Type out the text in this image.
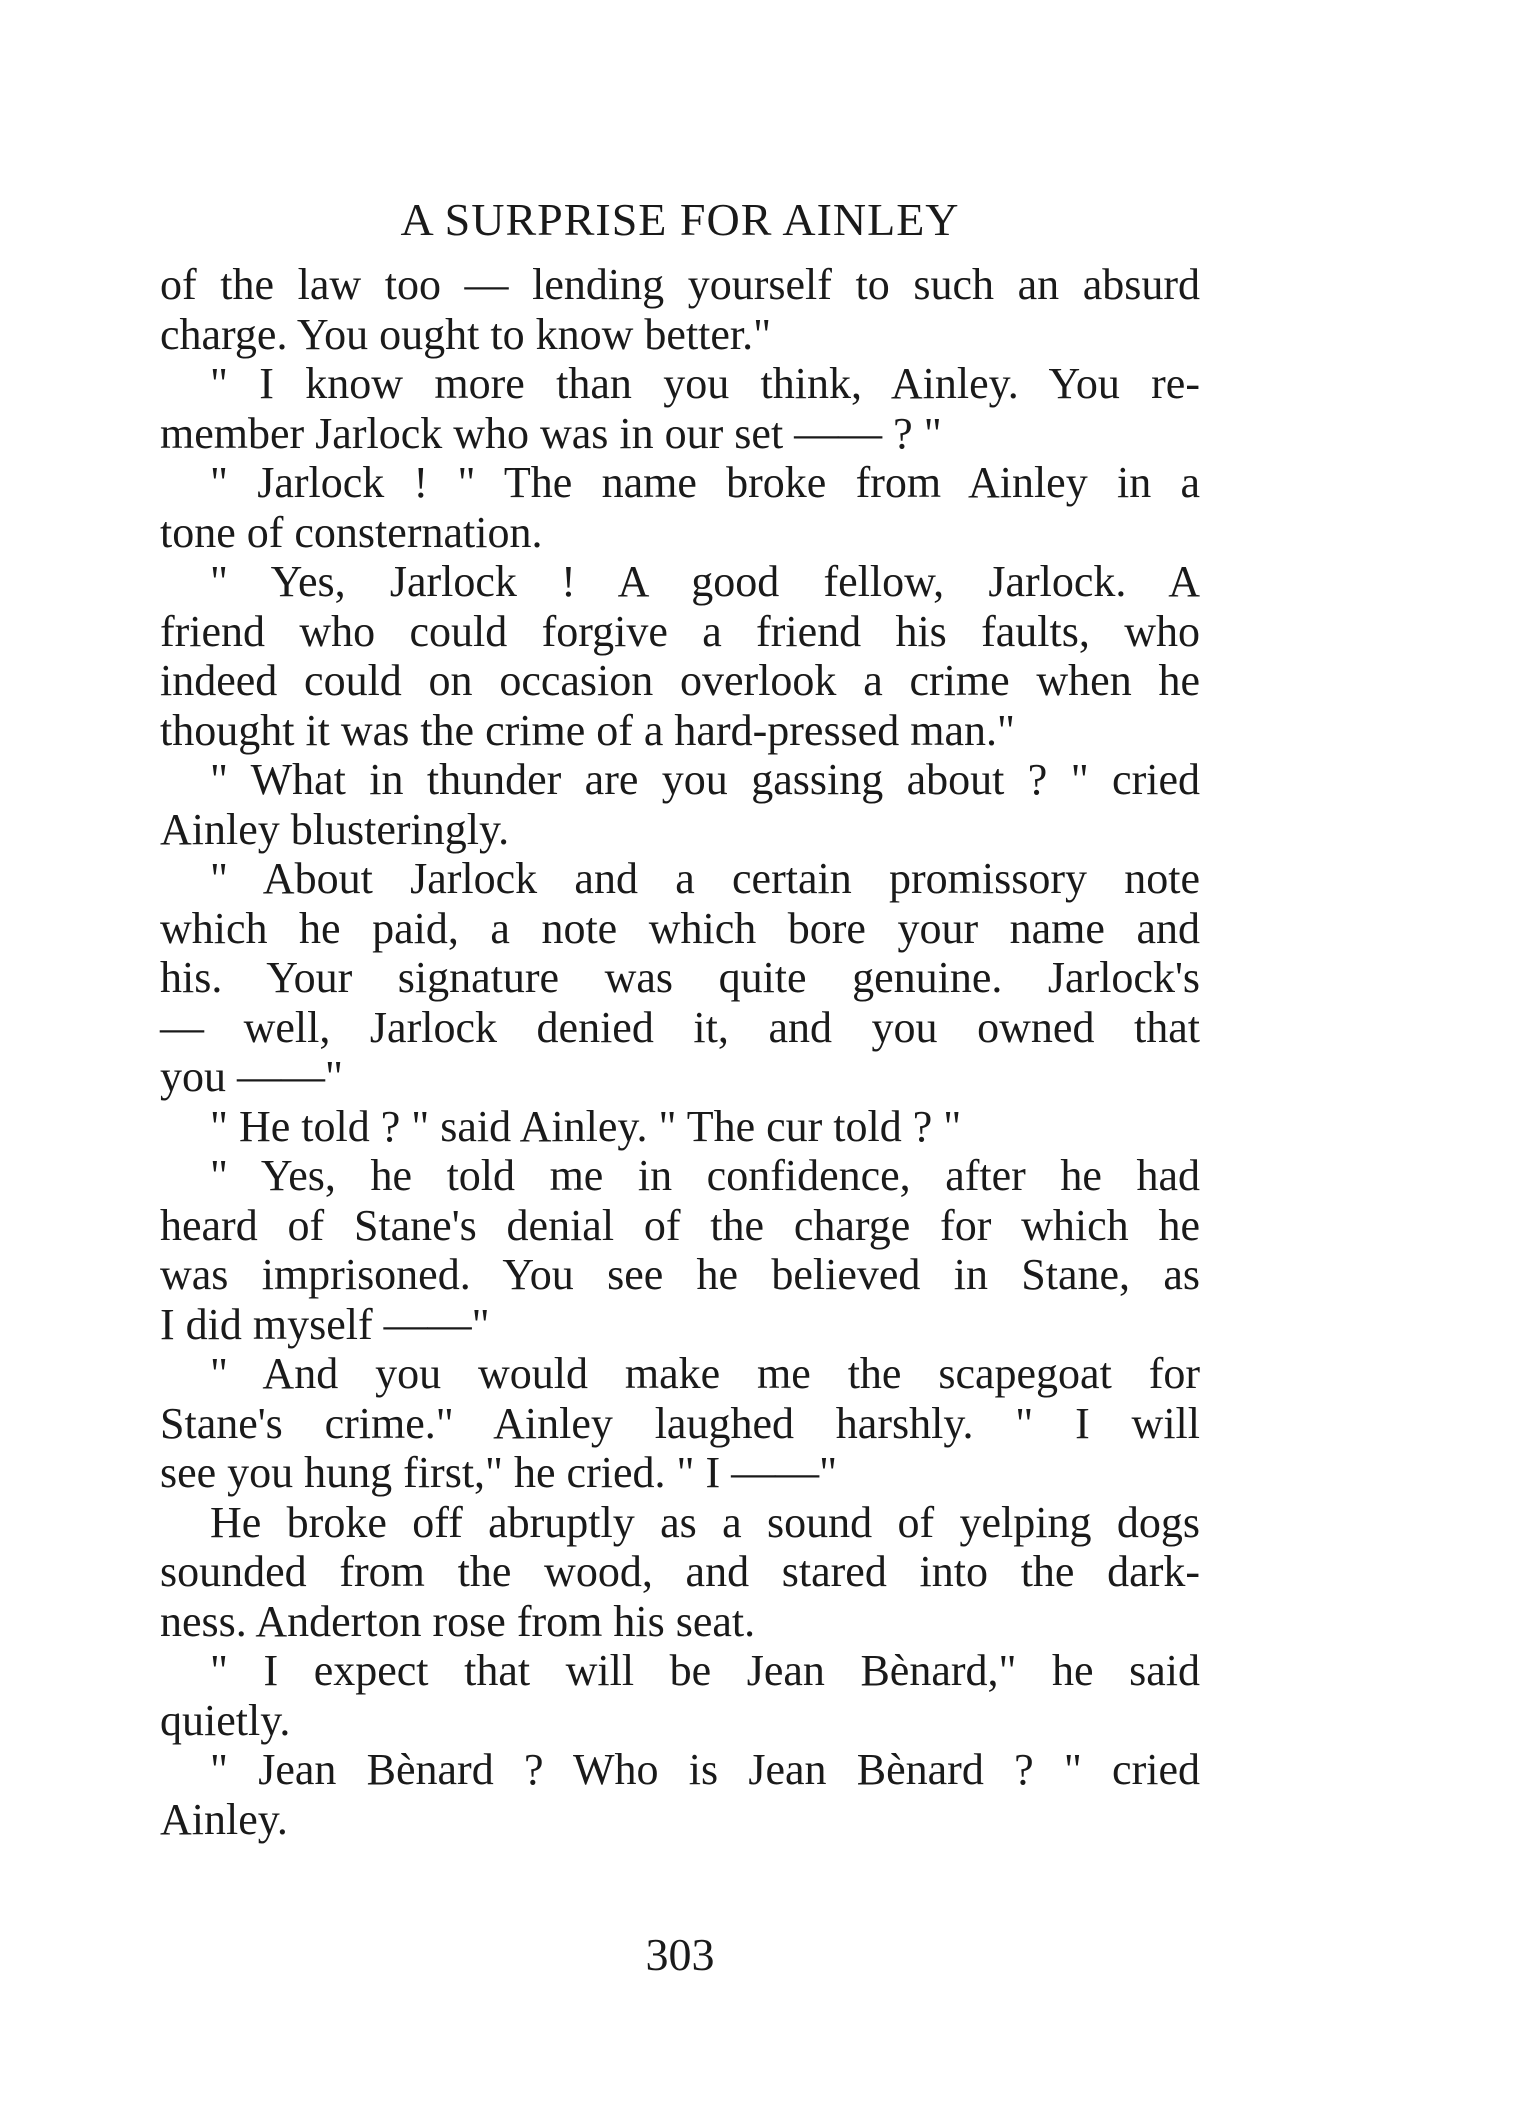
A SURPRISE FOR AINLEY
of the law too — lending yourself to such an absurd
charge. You ought to know better."
" I know more than you think, Ainley. You re-
member Jarlock who was in our set —— ? "
" Jarlock ! " The name broke from Ainley in a
tone of consternation.
" Yes, Jarlock ! A good fellow, Jarlock. A
friend who could forgive a friend his faults, who
indeed could on occasion overlook a crime when he
thought it was the crime of a hard-pressed man."
" What in thunder are you gassing about ? " cried
Ainley blusteringly.
" About Jarlock and a certain promissory note
which he paid, a note which bore your name and
his. Your signature was quite genuine. Jarlock's
— well, Jarlock denied it, and you owned that
you ——"
" He told ? " said Ainley. " The cur told ? "
" Yes, he told me in confidence, after he had
heard of Stane's denial of the charge for which he
was imprisoned. You see he believed in Stane, as
I did myself ——"
" And you would make me the scapegoat for
Stane's crime." Ainley laughed harshly. " I will
see you hung first," he cried. " I ——"
He broke off abruptly as a sound of yelping dogs
sounded from the wood, and stared into the dark-
ness. Anderton rose from his seat.
" I expect that will be Jean Bènard," he said
quietly.
" Jean Bènard ? Who is Jean Bènard ? " cried
Ainley.
303
